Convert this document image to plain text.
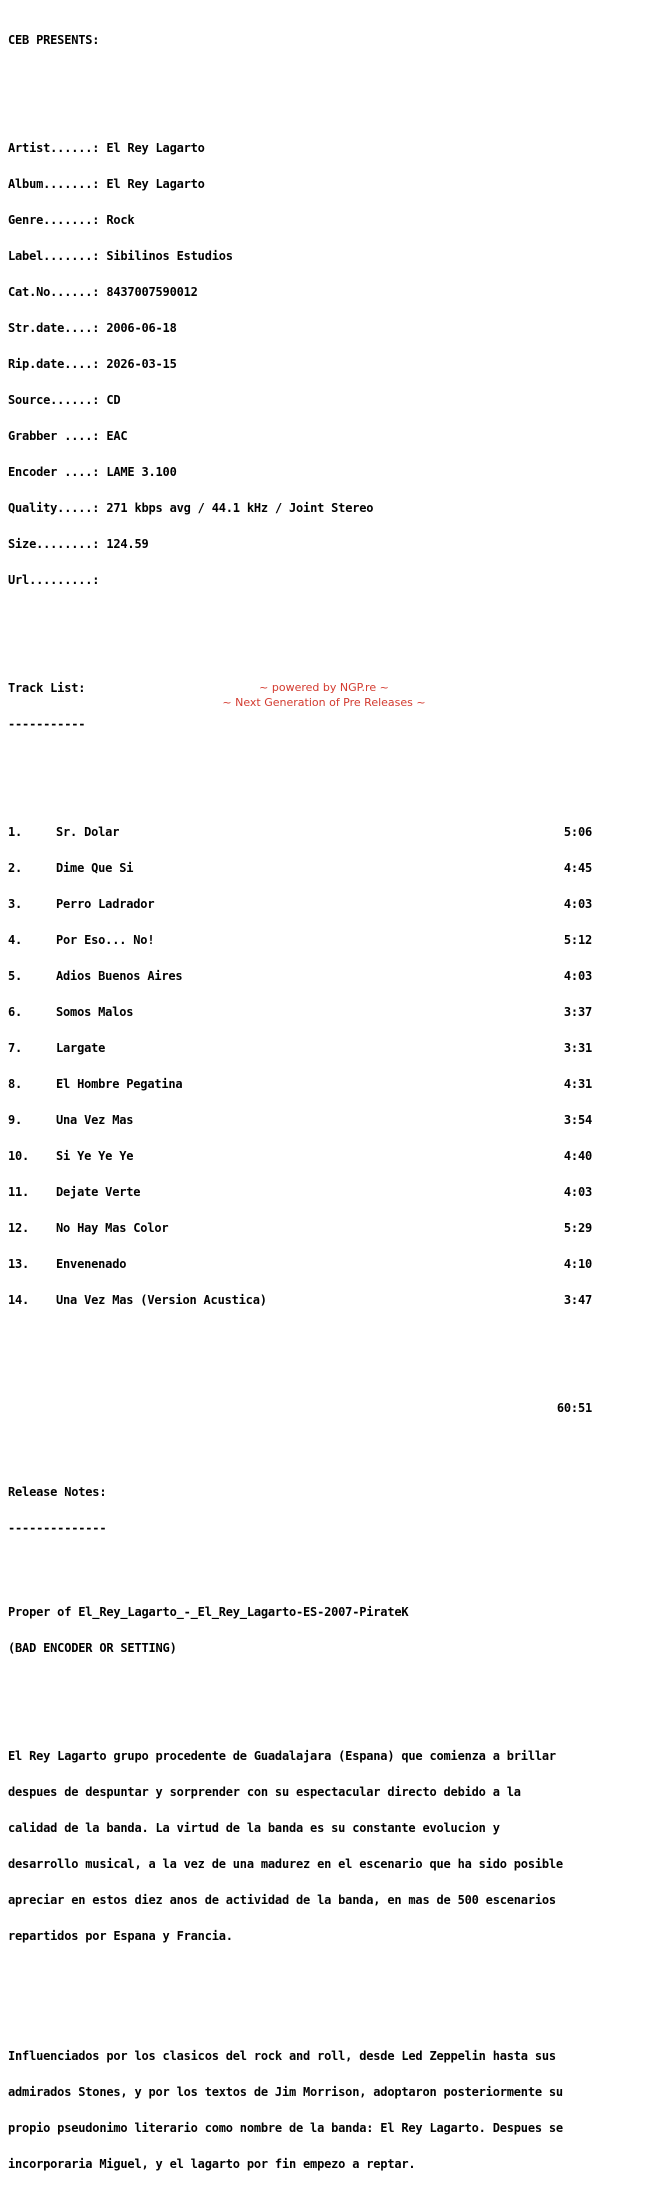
CEB PRESENTS:

Artist......: El Rey Lagarto

Album.......: El Rey Lagarto

Genre.......: Rock

Label.......: Sibilinos Estudios

Cat.No......: 8437007590012

Str.date....: 2006-06-18

Rip.date....: 2026-03-15

Source......: CD

Grabber ....: EAC

Encoder ....: LAME 3.100

Quality.....: 271 kbps avg / 44.1 kHz / Joint Stereo

Size........: 124.59

Url.........:

Track List:

-----------

1.	Sr. Dolar	5:06

2.	Dime Que Si	4:45

3.	Perro Ladrador	4:03

4.	Por Eso... No!	5:12

5.	Adios Buenos Aires	4:03

6.	Somos Malos	3:37

7.	Largate	3:31

8.	El Hombre Pegatina	4:31

9.	Una Vez Mas	3:54

10.	Si Ye Ye Ye	4:40

11.	Dejate Verte	4:03

12.	No Hay Mas Color	5:29

13.	Envenenado	4:10

14.	Una Vez Mas (Version Acustica)	3:47

60:51

Release Notes:

--------------

Proper of El_Rey_Lagarto_-_El_Rey_Lagarto-ES-2007-PirateK

(BAD ENCODER OR SETTING)

El Rey Lagarto grupo procedente de Guadalajara (Espana) que comienza a brillar

despues de despuntar y sorprender con su espectacular directo debido a la

calidad de la banda. La virtud de la banda es su constante evolucion y

desarrollo musical, a la vez de una madurez en el escenario que ha sido posible

apreciar en estos diez anos de actividad de la banda, en mas de 500 escenarios

repartidos por Espana y Francia.

Influenciados por los clasicos del rock and roll, desde Led Zeppelin hasta sus

admirados Stones, y por los textos de Jim Morrison, adoptaron posteriormente su

propio pseudonimo literario como nombre de la banda: El Rey Lagarto. Despues se

incorporaria Miguel, y el lagarto por fin empezo a reptar.

~ powered by NGP.re ~
~ Next Generation of Pre Releases ~
